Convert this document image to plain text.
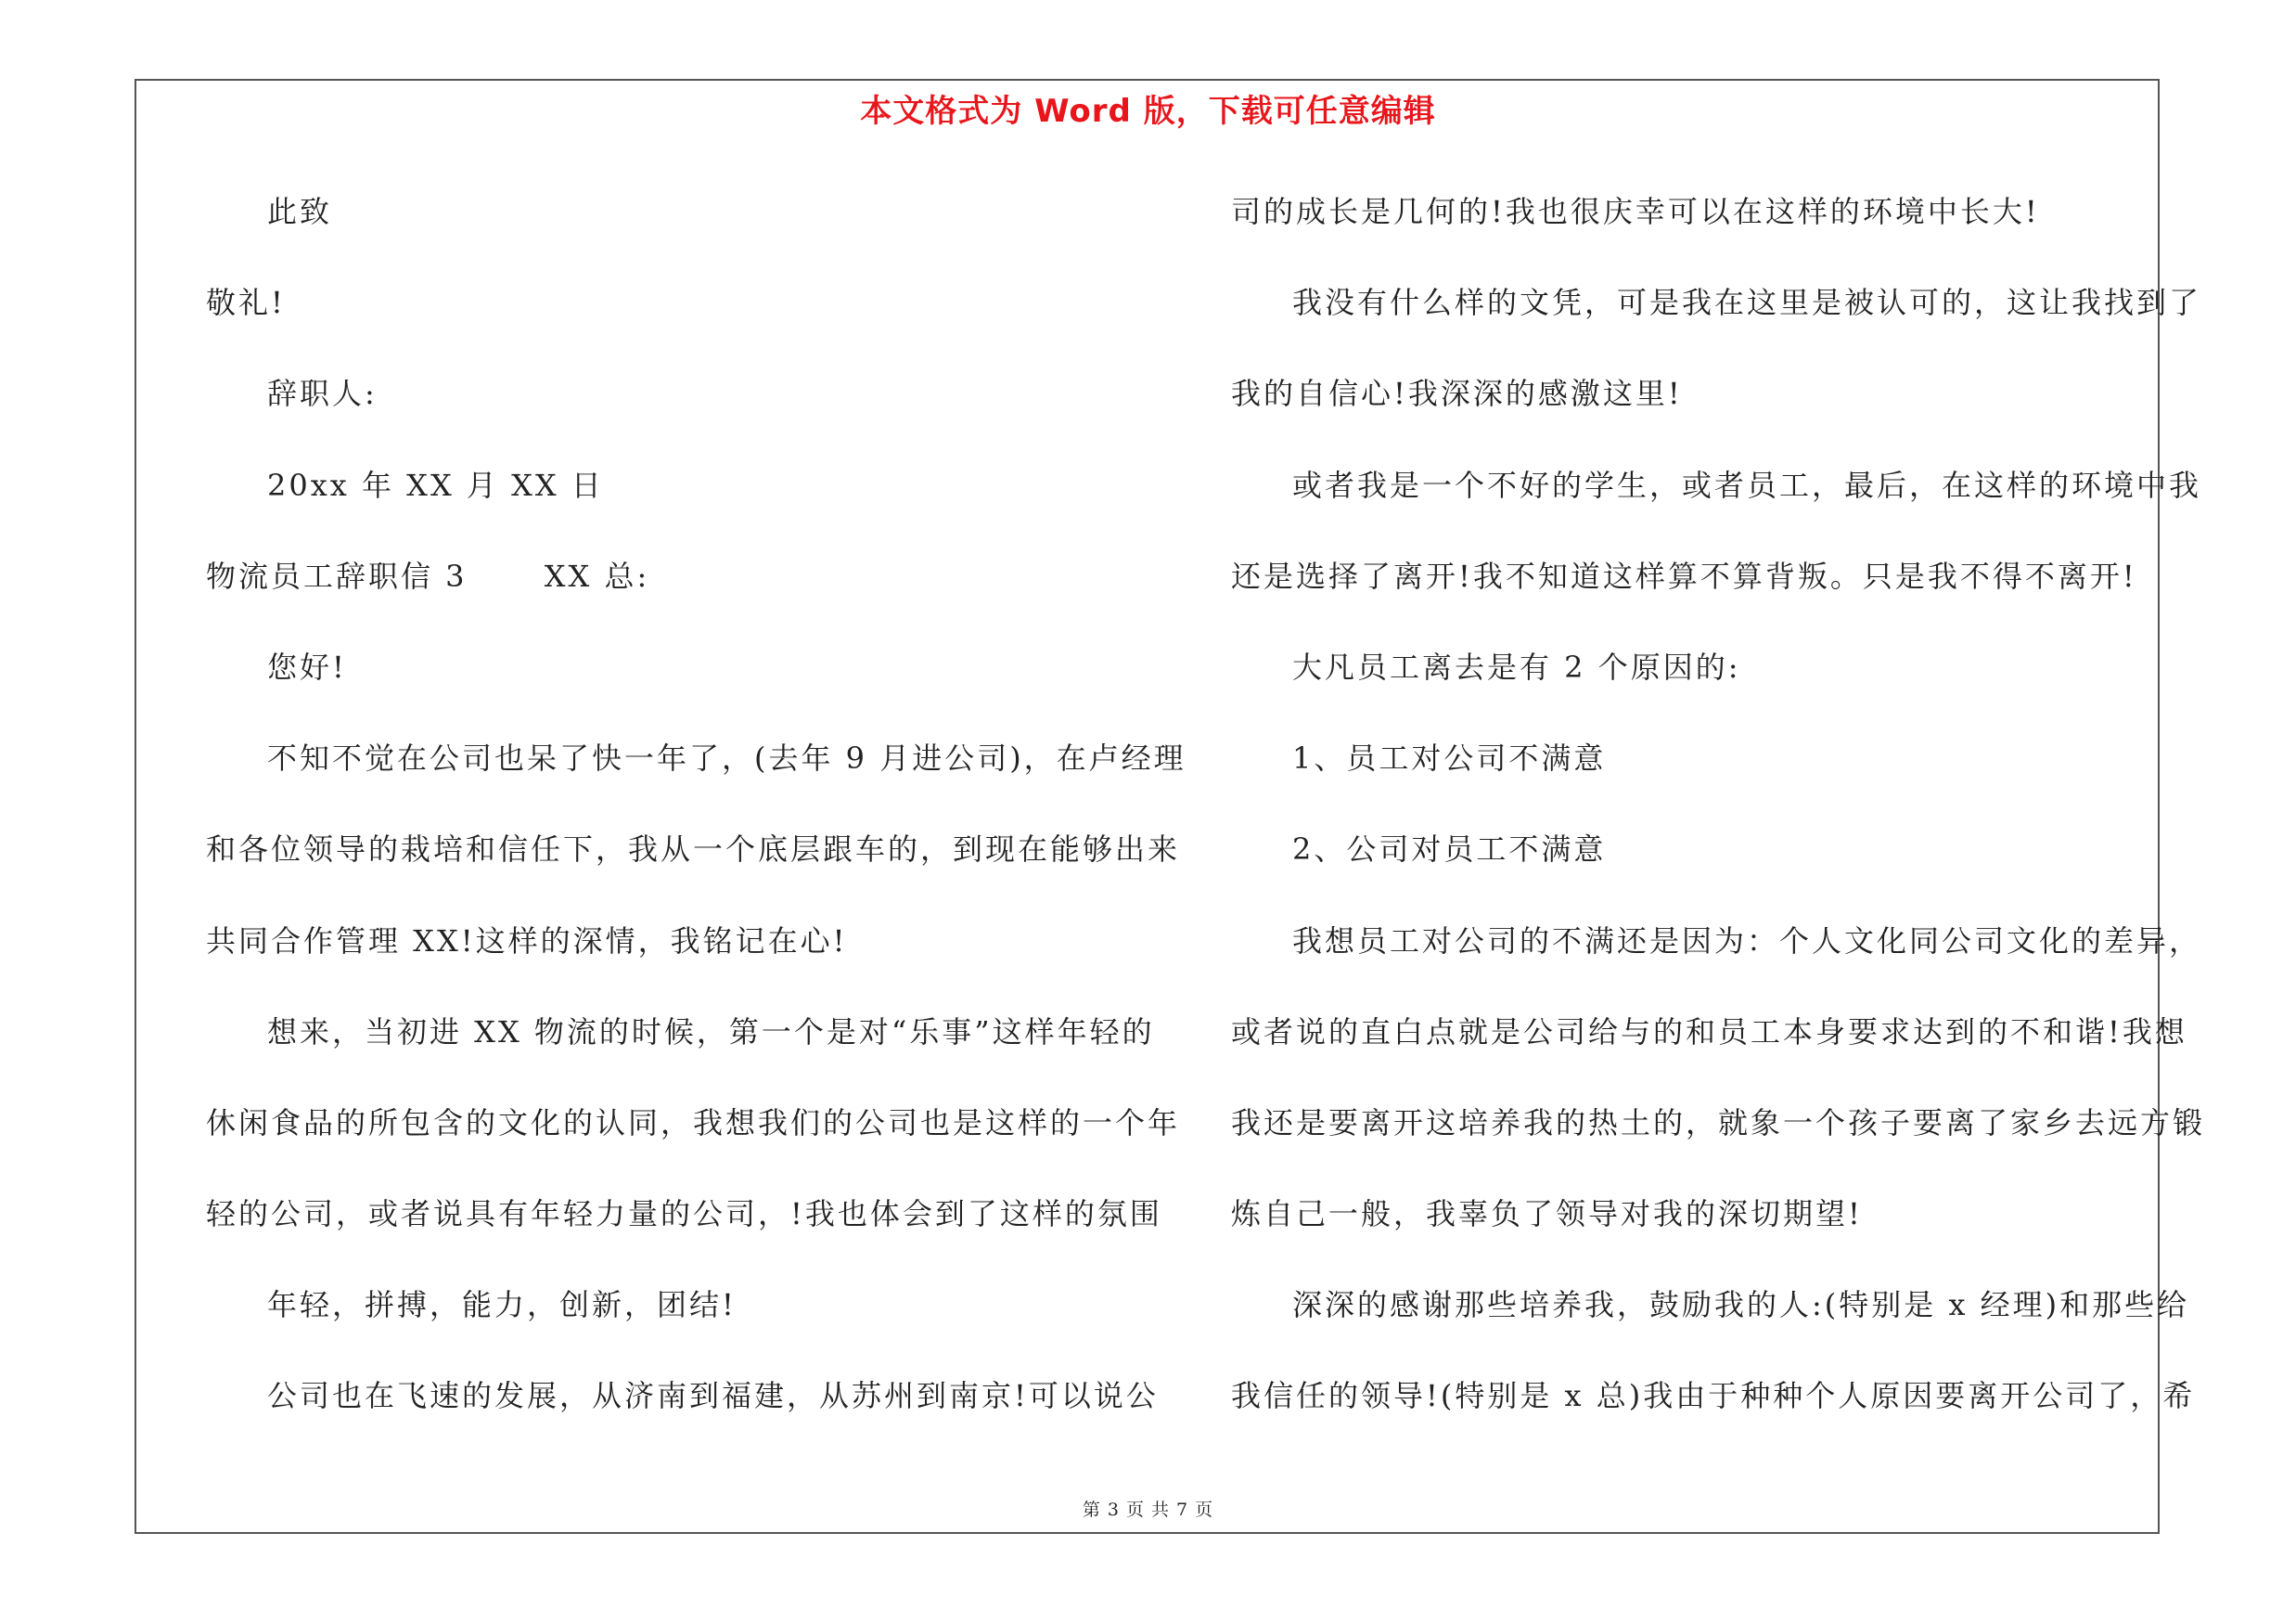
本文格式为 Word 版，下载可任意编辑
此致
敬礼!
辞职人:
20xx 年 XX 月 XX 日
物流员工辞职信 3　　 XX 总:
您好!
不知不觉在公司也呆了快一年了，(去年 9 月进公司)，在卢经理
和各位领导的栽培和信任下，我从一个底层跟车的，到现在能够出来
共同合作管理 XX!这样的深情，我铭记在心!
想来，当初进 XX 物流的时候，第一个是对“乐事”这样年轻的
休闲食品的所包含的文化的认同，我想我们的公司也是这样的一个年
轻的公司，或者说具有年轻力量的公司，!我也体会到了这样的氛围
年轻，拼搏，能力，创新，团结!
公司也在飞速的发展，从济南到福建，从苏州到南京!可以说公
司的成长是几何的!我也很庆幸可以在这样的环境中长大!
我没有什么样的文凭，可是我在这里是被认可的，这让我找到了
我的自信心!我深深的感激这里!
或者我是一个不好的学生，或者员工，最后，在这样的环境中我
还是选择了离开!我不知道这样算不算背叛。只是我不得不离开!
大凡员工离去是有 2 个原因的:
1、员工对公司不满意
2、公司对员工不满意
我想员工对公司的不满还是因为：个人文化同公司文化的差异，
或者说的直白点就是公司给与的和员工本身要求达到的不和谐!我想
我还是要离开这培养我的热土的，就象一个孩子要离了家乡去远方锻
炼自己一般，我辜负了领导对我的深切期望!
深深的感谢那些培养我，鼓励我的人:(特别是 x 经理)和那些给
我信任的领导!(特别是 x 总)我由于种种个人原因要离开公司了，希
第 3 页 共 7 页
